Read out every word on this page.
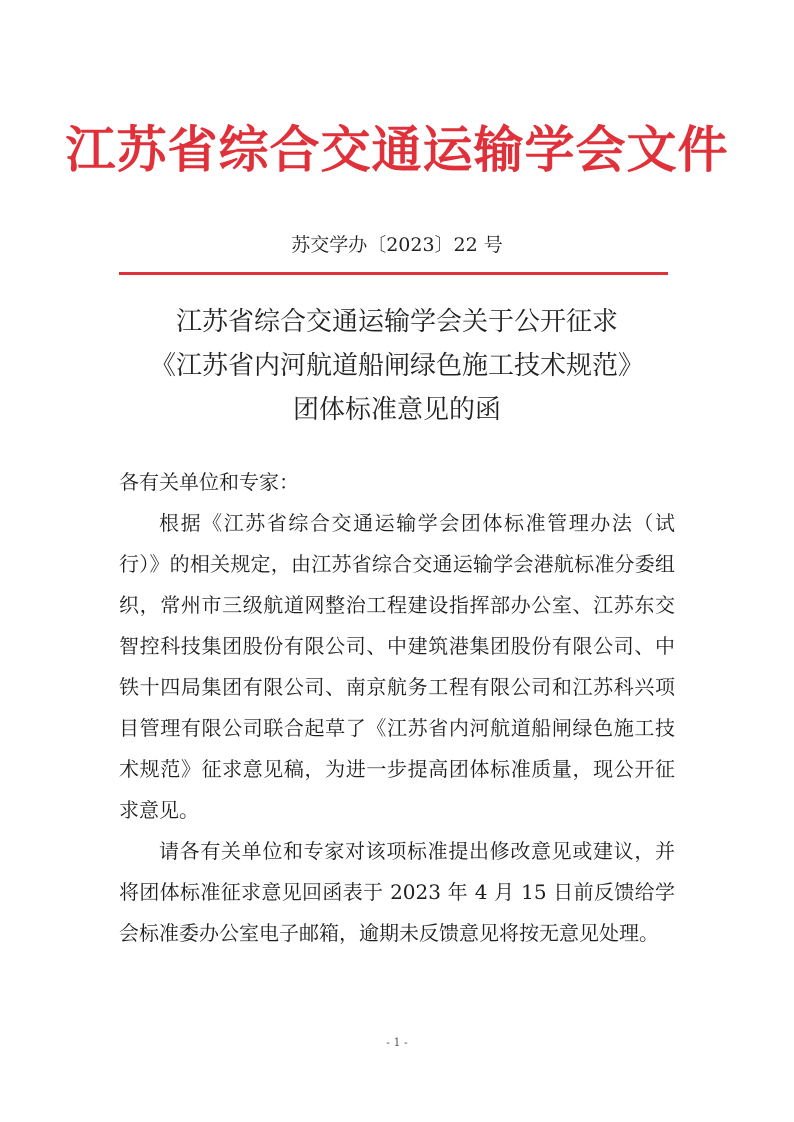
江苏省综合交通运输学会文件
苏交学办〔2023〕22 号
江苏省综合交通运输学会关于公开征求
《江苏省内河航道船闸绿色施工技术规范》
团体标准意见的函

各有关单位和专家：

根据《江苏省综合交通运输学会团体标准管理办法（试行）》的相关规定，由江苏省综合交通运输学会港航标准分委组织，常州市三级航道网整治工程建设指挥部办公室、江苏东交智控科技集团股份有限公司、中建筑港集团股份有限公司、中铁十四局集团有限公司、南京航务工程有限公司和江苏科兴项目管理有限公司联合起草了《江苏省内河航道船闸绿色施工技术规范》征求意见稿，为进一步提高团体标准质量，现公开征求意见。

请各有关单位和专家对该项标准提出修改意见或建议，并将团体标准征求意见回函表于 2023 年 4 月 15 日前反馈给学会标准委办公室电子邮箱，逾期未反馈意见将按无意见处理。

- 1 -
